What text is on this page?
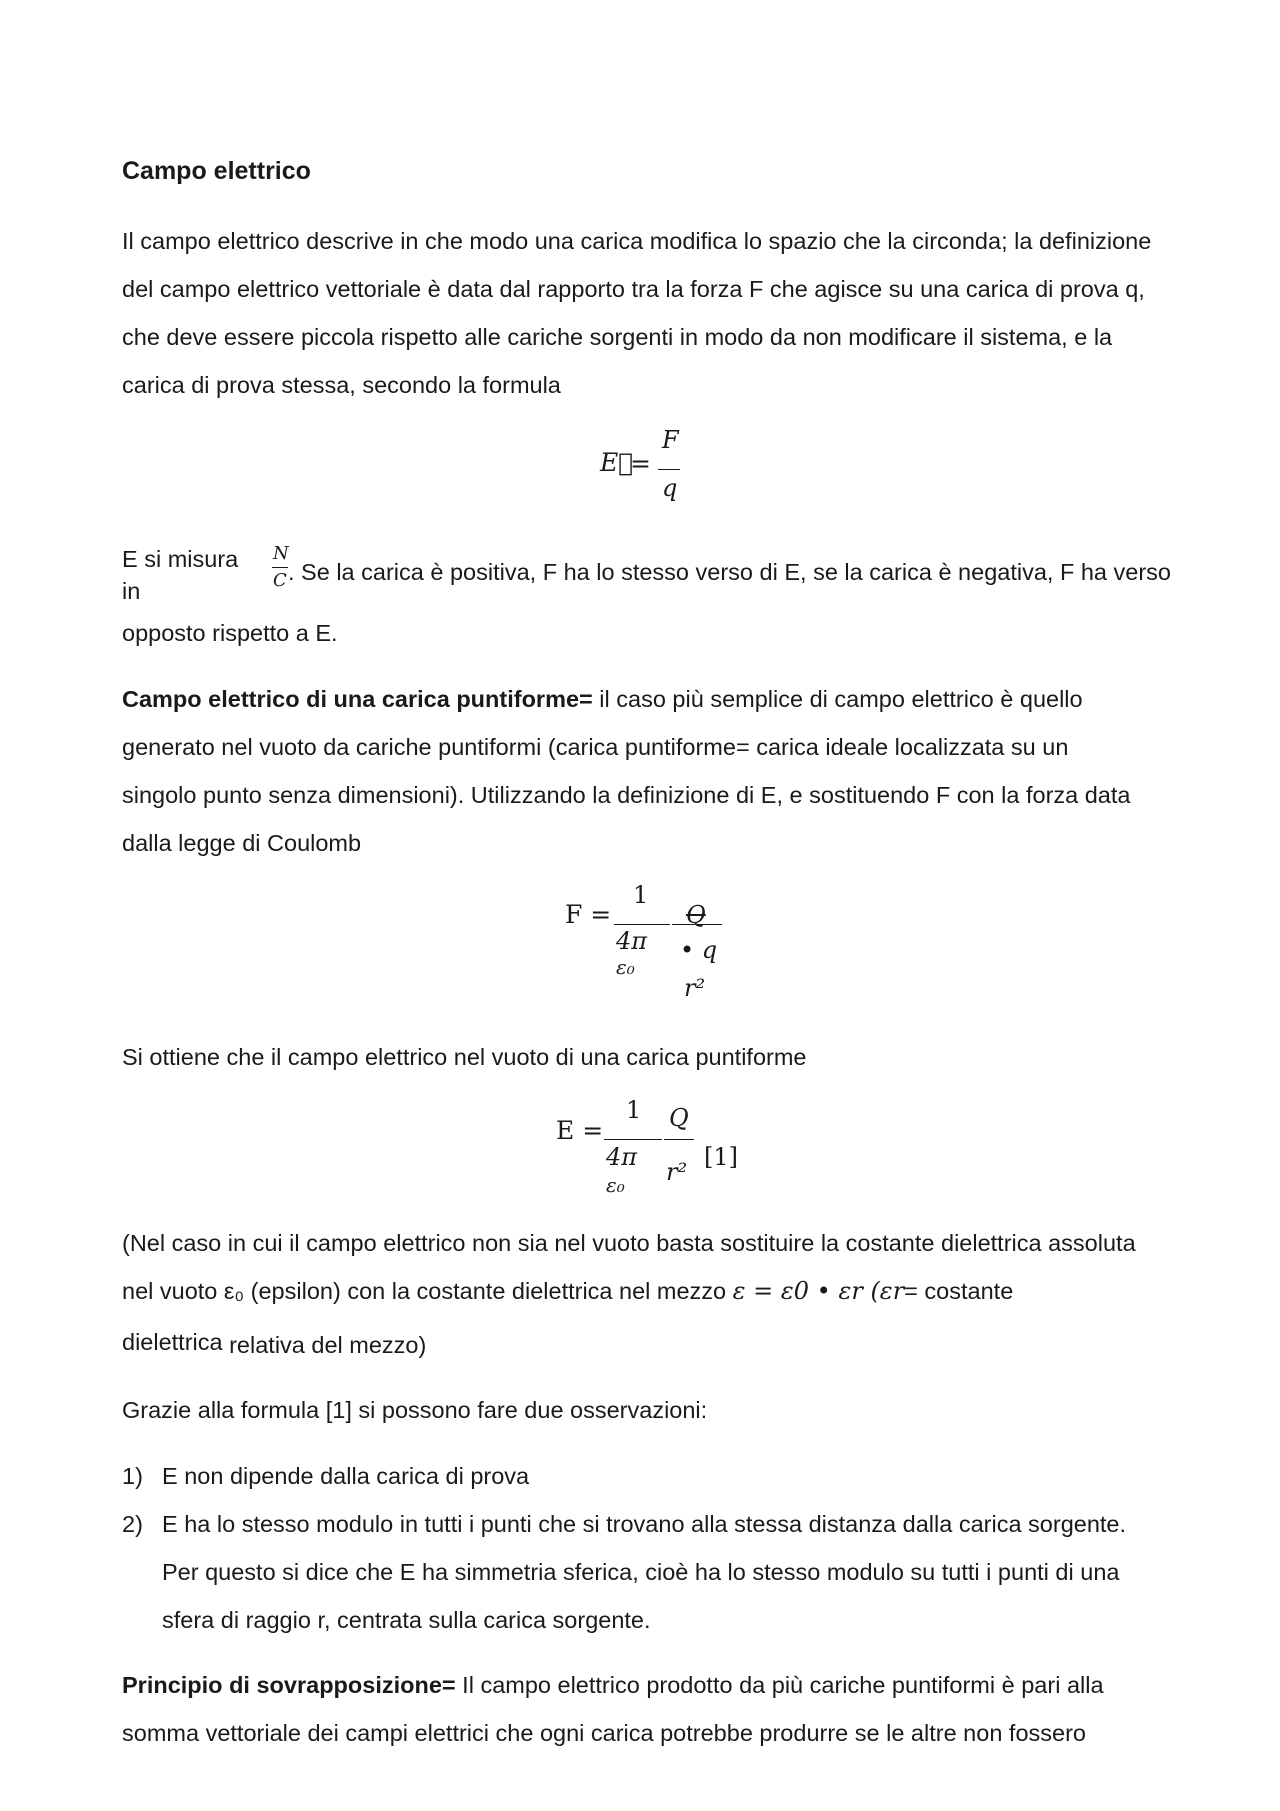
Campo elettrico
Il campo elettrico descrive in che modo una carica modifica lo spazio che la circonda; la definizione
del campo elettrico vettoriale è data dal rapporto tra la forza F che agisce su una carica di prova q,
che deve essere piccola rispetto alle cariche sorgenti in modo da non modificare il sistema, e la
carica di prova stessa, secondo la formula
E⃗
=
F
q
E si misura
in
N
C . Se la carica è positiva, F ha lo stesso verso di E, se la carica è negativa, F ha verso
opposto rispetto a E.
Campo elettrico di una carica puntiforme= il caso più semplice di campo elettrico è quello
generato nel vuoto da cariche puntiformi (carica puntiforme= carica ideale localizzata su un
singolo punto senza dimensioni). Utilizzando la definizione di E, e sostituendo F con la forza data
dalla legge di Coulomb
F =
1
4π
ε₀
Q
• q
r²
Si ottiene che il campo elettrico nel vuoto di una carica puntiforme
E =
1
4π
ε₀
Q
r²
[1]
(Nel caso in cui il campo elettrico non sia nel vuoto basta sostituire la costante dielettrica assoluta
nel vuoto ε₀ (epsilon) con la costante dielettrica nel mezzo ε = ε0 • εr (εr= costante
dielettrica relativa del mezzo)
Grazie alla formula [1] si possono fare due osservazioni:
1) E non dipende dalla carica di prova
2) E ha lo stesso modulo in tutti i punti che si trovano alla stessa distanza dalla carica sorgente.
Per questo si dice che E ha simmetria sferica, cioè ha lo stesso modulo su tutti i punti di una
sfera di raggio r, centrata sulla carica sorgente.
Principio di sovrapposizione= Il campo elettrico prodotto da più cariche puntiformi è pari alla
somma vettoriale dei campi elettrici che ogni carica potrebbe produrre se le altre non fossero
